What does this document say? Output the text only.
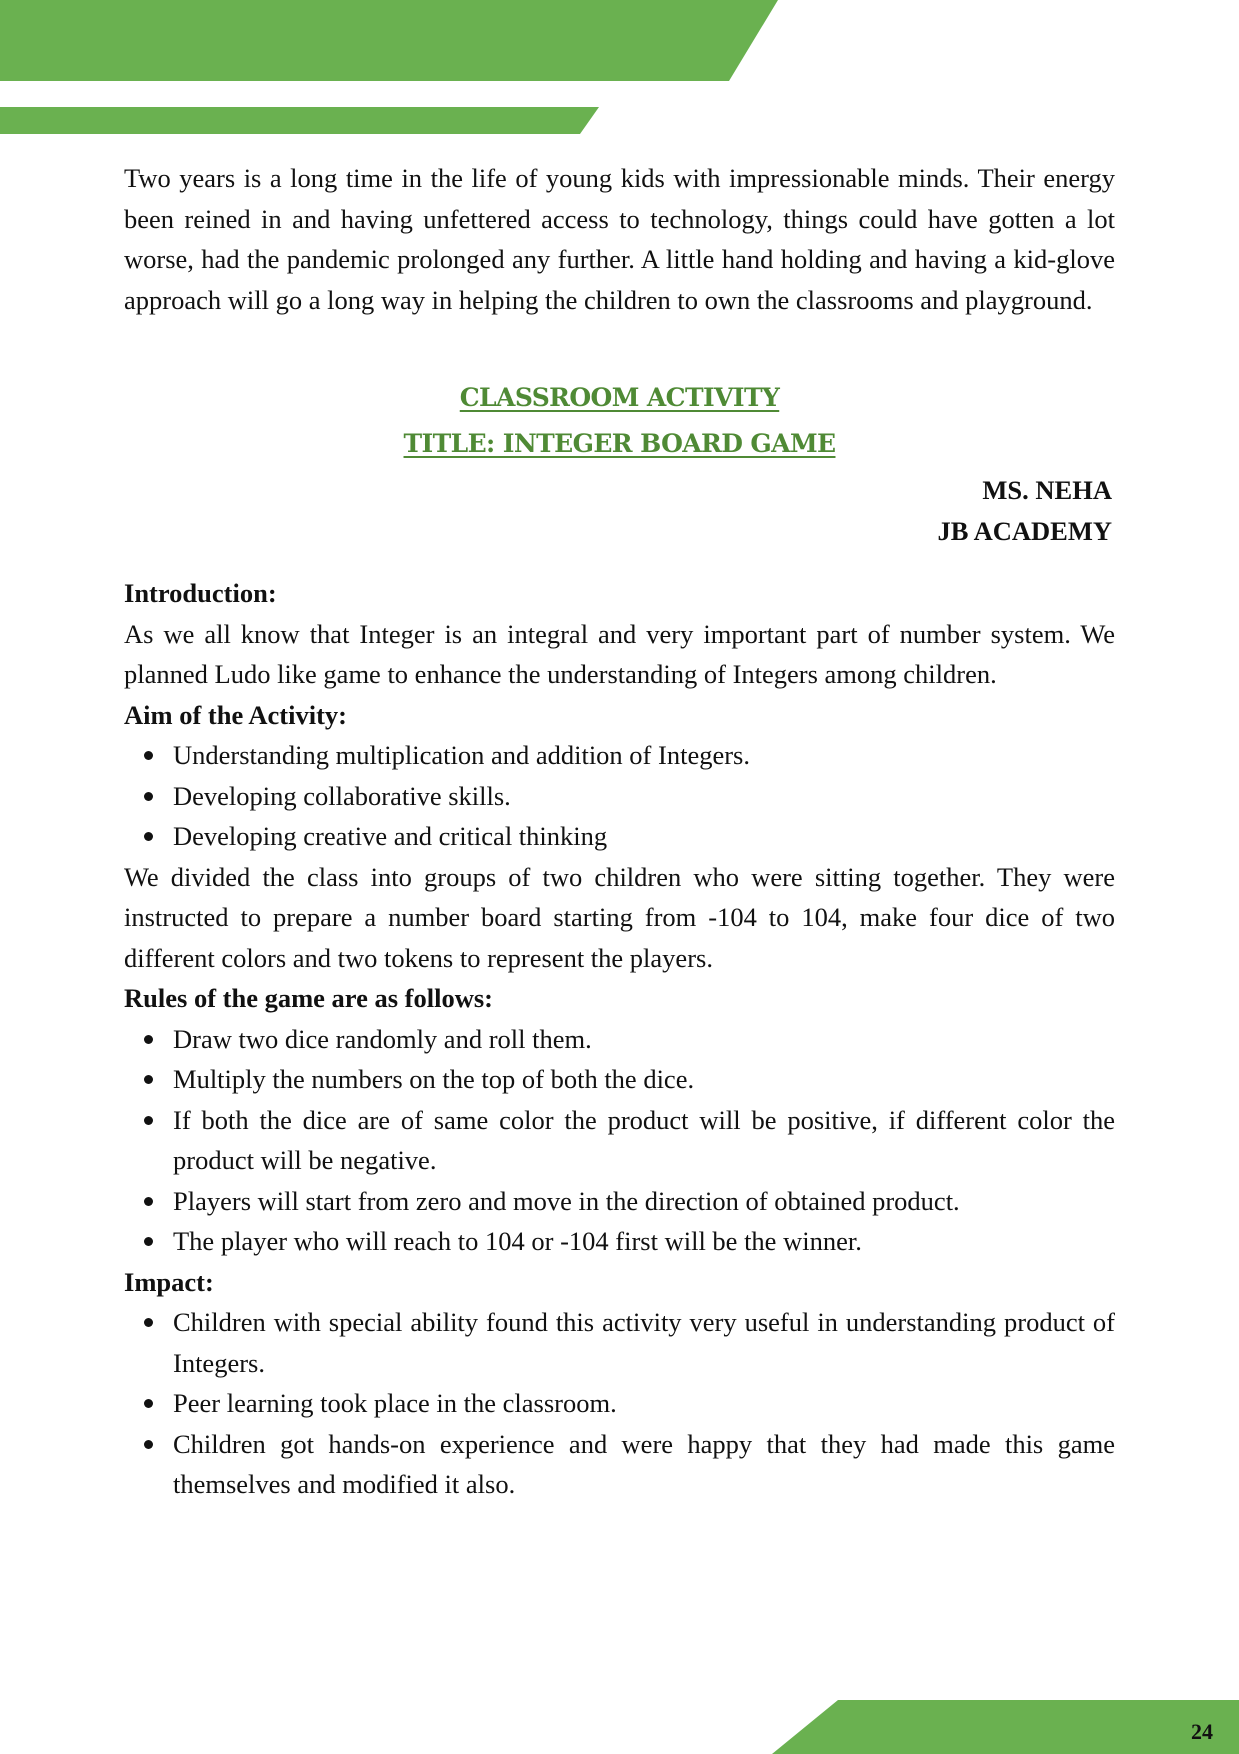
Two years is a long time in the life of young kids with impressionable minds. Their energy been reined in and having unfettered access to technology, things could have gotten a lot worse, had the pandemic prolonged any further. A little hand holding and having a kid-glove approach will go a long way in helping the children to own the classrooms and playground.

CLASSROOM ACTIVITY
TITLE: INTEGER BOARD GAME
MS. NEHA
JB ACADEMY
Introduction:

As we all know that Integer is an integral and very important part of number system. We planned Ludo like game to enhance the understanding of Integers among children.

Aim of the Activity:
Understanding multiplication and addition of Integers.
Developing collaborative skills.
Developing creative and critical thinking

We divided the class into groups of two children who were sitting together. They were instructed to prepare a number board starting from -104 to 104, make four dice of two different colors and two tokens to represent the players.

Rules of the game are as follows:
Draw two dice randomly and roll them.
Multiply the numbers on the top of both the dice.
If both the dice are of same color the product will be positive, if different color the product will be negative.
Players will start from zero and move in the direction of obtained product.
The player who will reach to 104 or -104 first will be the winner.
Impact:
Children with special ability found this activity very useful in understanding product of Integers.
Peer learning took place in the classroom.
Children got hands-on experience and were happy that they had made this game themselves and modified it also.
24
